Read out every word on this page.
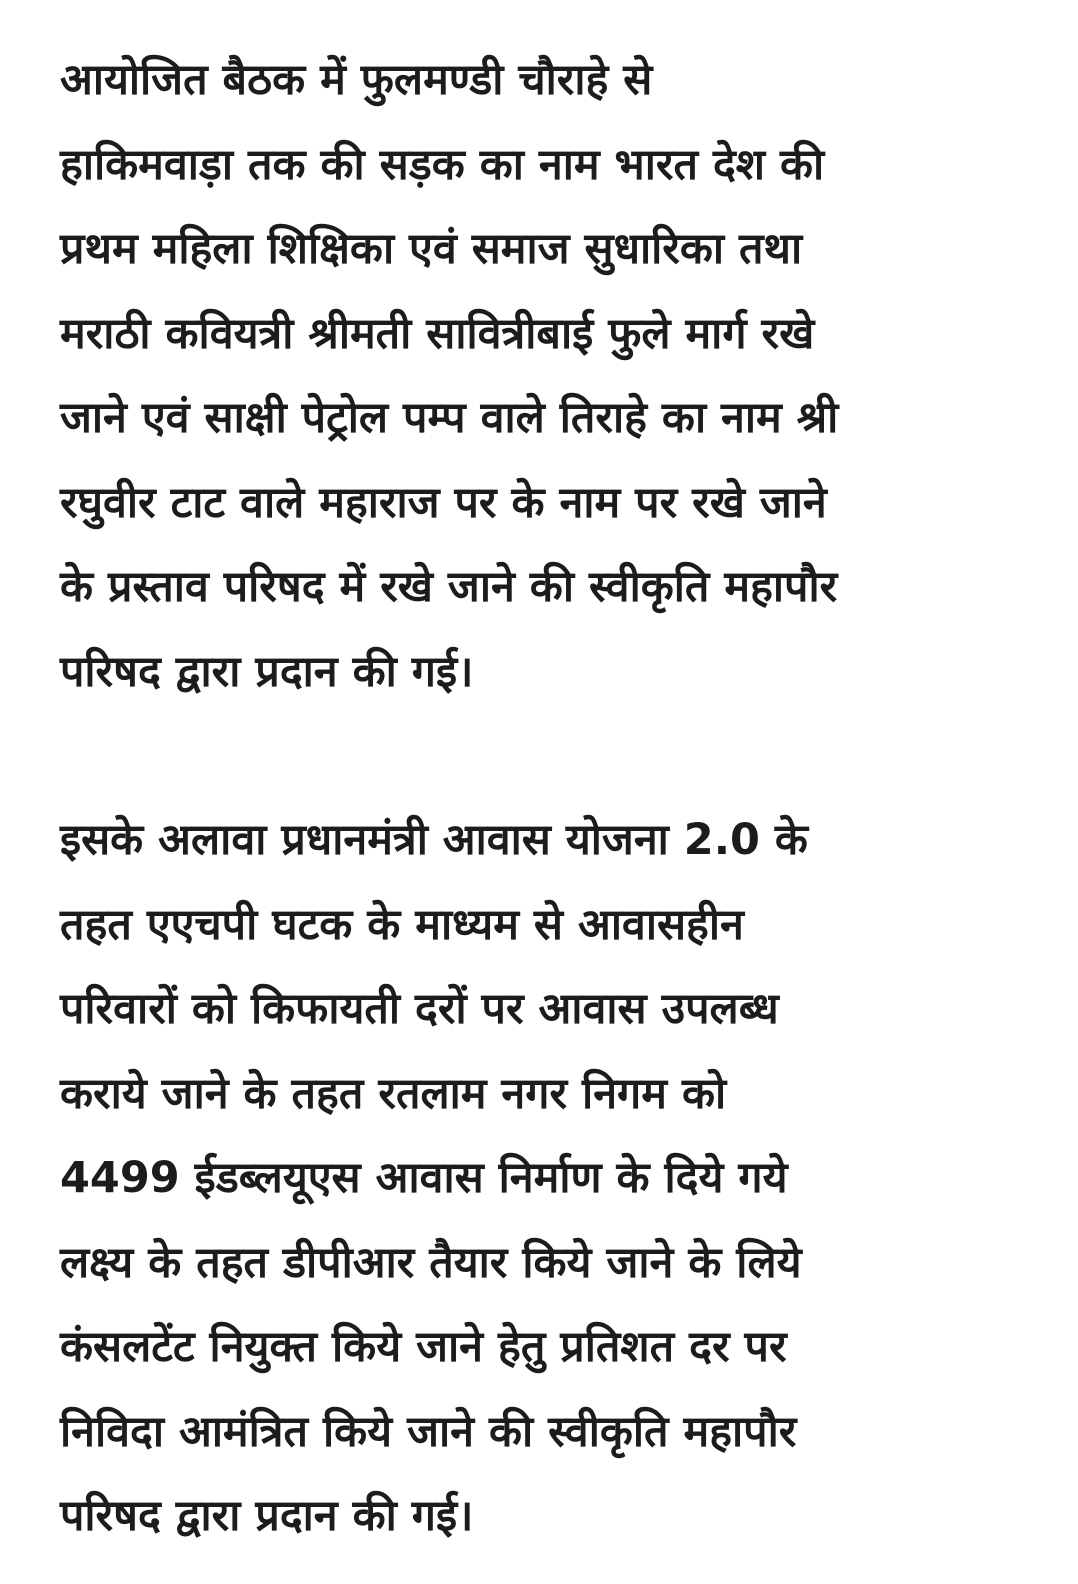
आयोजित बैठक में फुलमण्डी चौराहे से
हाकिमवाड़ा तक की सड़क का नाम भारत देश की
प्रथम महिला शिक्षिका एवं समाज सुधारिका तथा
मराठी कवियत्री श्रीमती सावित्रीबाई फुले मार्ग रखे
जाने एवं साक्षी पेट्रोल पम्प वाले तिराहे का नाम श्री
रघुवीर टाट वाले महाराज पर के नाम पर रखे जाने
के प्रस्ताव परिषद में रखे जाने की स्वीकृति महापौर
परिषद द्वारा प्रदान की गई।

इसके अलावा प्रधानमंत्री आवास योजना 2.0 के
तहत एएचपी घटक के माध्यम से आवासहीन
परिवारों को किफायती दरों पर आवास उपलब्ध
कराये जाने के तहत रतलाम नगर निगम को
4499 ईडब्लयूएस आवास निर्माण के दिये गये
लक्ष्य के तहत डीपीआर तैयार किये जाने के लिये
कंसलटेंट नियुक्त किये जाने हेतु प्रतिशत दर पर
निविदा आमंत्रित किये जाने की स्वीकृति महापौर
परिषद द्वारा प्रदान की गई।
